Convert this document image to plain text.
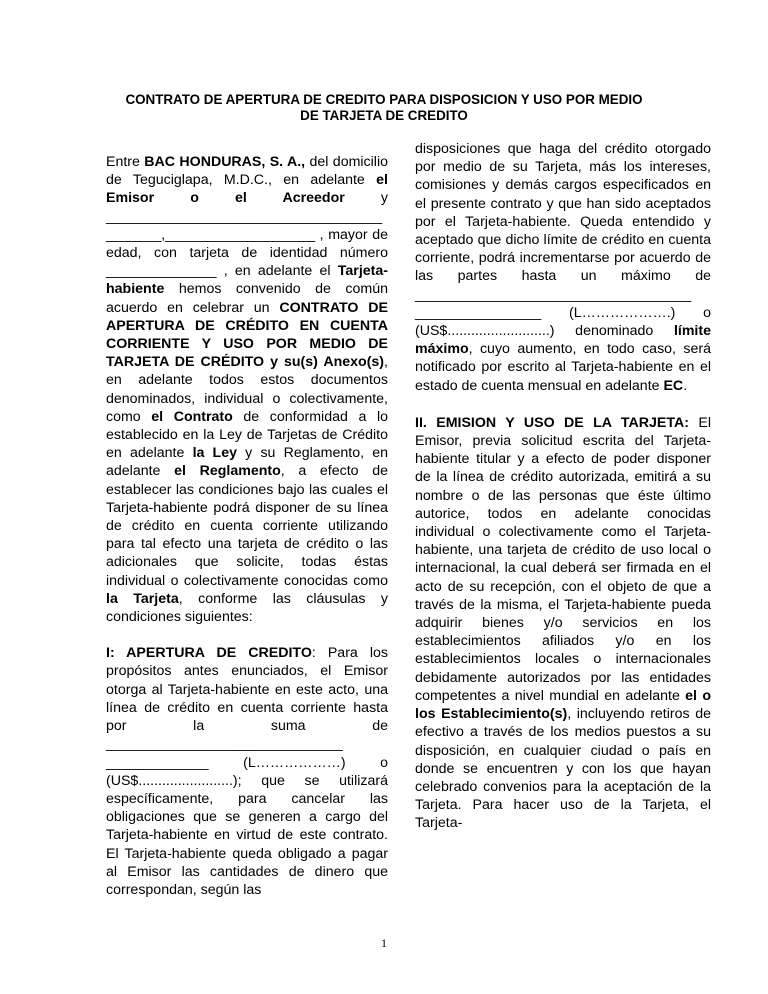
CONTRATO DE APERTURA DE CREDITO PARA DISPOSICION Y USO POR MEDIO
DE TARJETA DE CREDITO

Entre BAC HONDURAS, S. A., del domicilio de Teguciglapa, M.D.C., en adelante el Emisor o el Acreedor y ___________________________________ _______,___________________ , mayor de edad, con tarjeta de identidad número ______________ , en adelante el Tarjeta-habiente hemos convenido de común acuerdo en celebrar un CONTRATO DE APERTURA DE CRÉDITO EN CUENTA CORRIENTE Y USO POR MEDIO DE TARJETA DE CRÉDITO y su(s) Anexo(s), en adelante todos estos documentos denominados, individual o colectivamente, como el Contrato de conformidad a lo establecido en la Ley de Tarjetas de Crédito en adelante la Ley y su Reglamento, en adelante el Reglamento, a efecto de establecer las condiciones bajo las cuales el Tarjeta-habiente podrá disponer de su línea de crédito en cuenta corriente utilizando para tal efecto una tarjeta de crédito o las adicionales que solicite, todas éstas individual o colectivamente conocidas como la Tarjeta, conforme las cláusulas y condiciones siguientes:

I: APERTURA DE CREDITO: Para los propósitos antes enunciados, el Emisor otorga al Tarjeta-habiente en este acto, una línea de crédito en cuenta corriente hasta por la suma de ______________________________ _____________ (L………………) o (US$........................); que se utilizará específicamente, para cancelar las obligaciones que se generen a cargo del Tarjeta-habiente en virtud de este contrato. El Tarjeta-habiente queda obligado a pagar al Emisor las cantidades de dinero que correspondan, según las

disposiciones que haga del crédito otorgado por medio de su Tarjeta, más los intereses, comisiones y demás cargos especificados en el presente contrato y que han sido aceptados por el Tarjeta-habiente. Queda entendido y aceptado que dicho límite de crédito en cuenta corriente, podrá incrementarse por acuerdo de las partes hasta un máximo de ___________________________________ ________________ (L……………….) o (US$..........................) denominado límite máximo, cuyo aumento, en todo caso, será notificado por escrito al Tarjeta-habiente en el estado de cuenta mensual en adelante EC.

II. EMISION Y USO DE LA TARJETA: El Emisor, previa solicitud escrita del Tarjeta-habiente titular y a efecto de poder disponer de la línea de crédito autorizada, emitirá a su nombre o de las personas que éste último autorice, todos en adelante conocidas individual o colectivamente como el Tarjeta-habiente, una tarjeta de crédito de uso local o internacional, la cual deberá ser firmada en el acto de su recepción, con el objeto de que a través de la misma, el Tarjeta-habiente pueda adquirir bienes y/o servicios en los establecimientos afiliados y/o en los establecimientos locales o internacionales debidamente autorizados por las entidades competentes a nivel mundial en adelante el o los Establecimiento(s), incluyendo retiros de efectivo a través de los medios puestos a su disposición, en cualquier ciudad o país en donde se encuentren y con los que hayan celebrado convenios para la aceptación de la Tarjeta. Para hacer uso de la Tarjeta, el Tarjeta-

1
